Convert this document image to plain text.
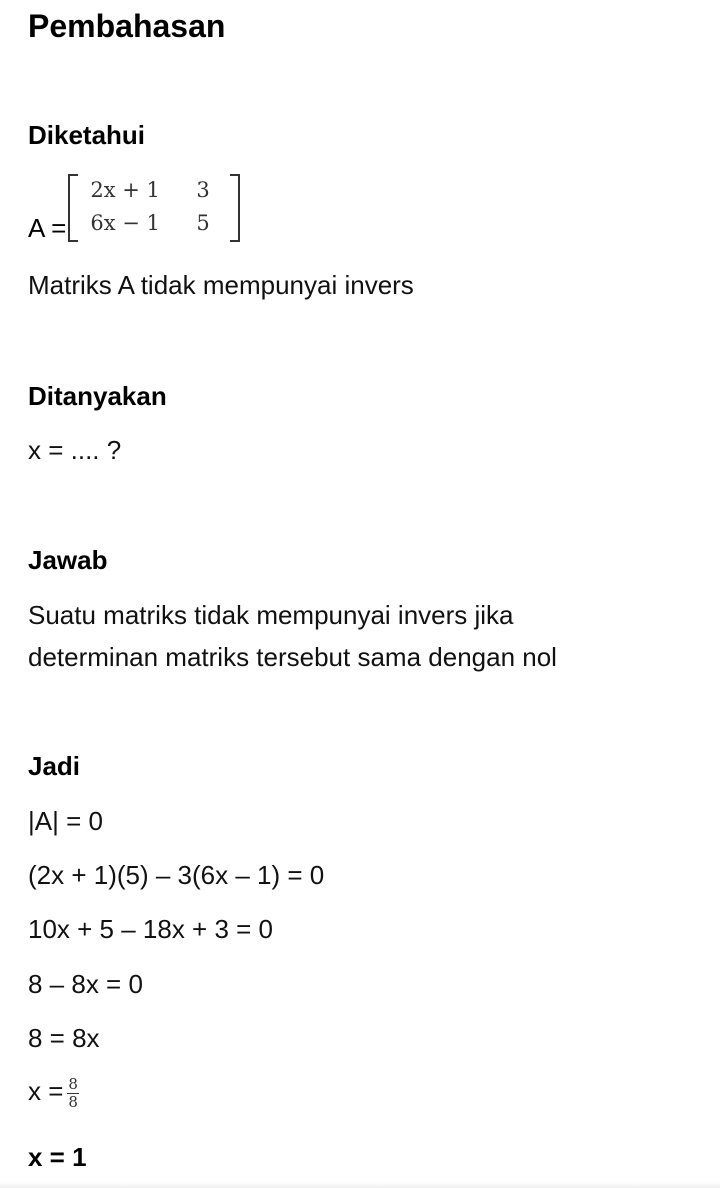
Pembahasan
Diketahui
A =
2x + 1 3
6x − 1 5
Matriks A tidak mempunyai invers
Ditanyakan
x = .... ?
Jawab
Suatu matriks tidak mempunyai invers jika
determinan matriks tersebut sama dengan nol
Jadi
|A| = 0
(2x + 1)(5) – 3(6x – 1) = 0
10x + 5 – 18x + 3 = 0
8 – 8x = 0
8 = 8x
$x = \frac{8}{8}$
x = 1
